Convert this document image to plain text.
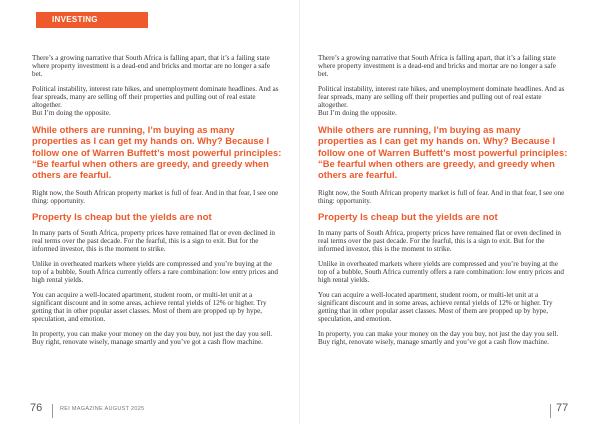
INVESTING

There’s a growing narrative that South Africa is falling apart, that it’s a failing state where property investment is a dead-end and bricks and mortar are no longer a safe bet.

Political instability, interest rate hikes, and unemployment dominate headlines. And as fear spreads, many are selling off their properties and pulling out of real estate altogether.

But I’m doing the opposite.

While others are running, I’m buying as many properties as I can get my hands on. Why? Because I follow one of Warren Buffett’s most powerful principles: “Be fearful when others are greedy, and greedy when others are fearful.

Right now, the South African property market is full of fear. And in that fear, I see one thing: opportunity.

Property Is cheap but the yields are not

In many parts of South Africa, property prices have remained flat or even declined in real terms over the past decade. For the fearful, this is a sign to exit. But for the informed investor, this is the moment to strike.

Unlike in overheated markets where yields are compressed and you’re buying at the top of a bubble, South Africa currently offers a rare combination: low entry prices and high rental yields.

You can acquire a well-located apartment, student room, or multi-let unit at a significant discount and in some areas, achieve rental yields of 12% or higher. Try getting that in other popular asset classes. Most of them are propped up by hype, speculation, and emotion.

In property, you can make your money on the day you buy, not just the day you sell. Buy right, renovate wisely, manage smartly and you’ve got a cash flow machine.

There’s a growing narrative that South Africa is falling apart, that it’s a failing state where property investment is a dead-end and bricks and mortar are no longer a safe bet.

Political instability, interest rate hikes, and unemployment dominate headlines. And as fear spreads, many are selling off their properties and pulling out of real estate altogether.

But I’m doing the opposite.

While others are running, I’m buying as many properties as I can get my hands on. Why? Because I follow one of Warren Buffett’s most powerful principles: “Be fearful when others are greedy, and greedy when others are fearful.

Right now, the South African property market is full of fear. And in that fear, I see one thing: opportunity.

Property Is cheap but the yields are not

In many parts of South Africa, property prices have remained flat or even declined in real terms over the past decade. For the fearful, this is a sign to exit. But for the informed investor, this is the moment to strike.

Unlike in overheated markets where yields are compressed and you’re buying at the top of a bubble, South Africa currently offers a rare combination: low entry prices and high rental yields.

You can acquire a well-located apartment, student room, or multi-let unit at a significant discount and in some areas, achieve rental yields of 12% or higher. Try getting that in other popular asset classes. Most of them are propped up by hype, speculation, and emotion.

In property, you can make your money on the day you buy, not just the day you sell. Buy right, renovate wisely, manage smartly and you’ve got a cash flow machine.

76	REI MAGAZINE AUGUST 2025	77
